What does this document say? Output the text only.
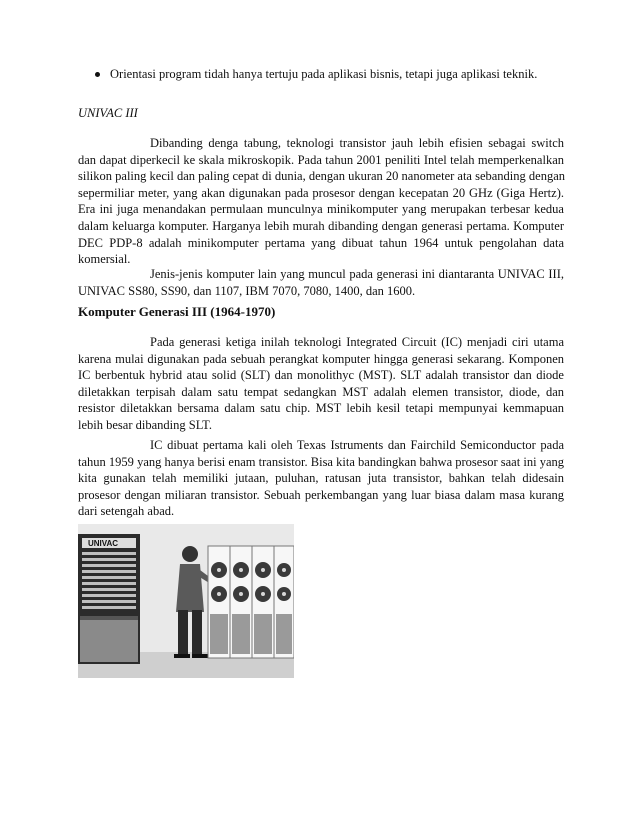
Orientasi program tidah hanya tertuju pada aplikasi bisnis, tetapi juga aplikasi teknik.
UNIVAC III
Dibanding denga tabung, teknologi transistor jauh lebih efisien sebagai switch
dan dapat diperkecil ke skala mikroskopik. Pada tahun 2001 peniliti Intel telah memperkenalkan
silikon paling kecil dan paling cepat di dunia, dengan ukuran 20 nanometer ata sebanding dengan
sepermiliar meter, yang akan digunakan pada prosesor dengan kecepatan 20 GHz (Giga Hertz).
Era ini juga menandakan permulaan munculnya minikomputer yang merupakan terbesar kedua
dalam keluarga komputer. Harganya lebih murah dibanding dengan generasi pertama. Komputer
DEC PDP-8 adalah minikomputer pertama yang dibuat tahun 1964 untuk pengolahan data
komersial.
Jenis-jenis komputer lain yang muncul pada generasi ini diantaranta UNIVAC III,
UNIVAC SS80, SS90, dan 1107, IBM 7070, 7080, 1400, dan 1600.
Komputer Generasi III (1964-1970)
Pada generasi ketiga inilah teknologi Integrated Circuit (IC) menjadi ciri utama
karena mulai digunakan pada sebuah perangkat komputer hingga generasi sekarang. Komponen
IC berbentuk hybrid atau solid (SLT) dan monolithyc (MST). SLT adalah transistor dan diode
diletakkan terpisah dalam satu tempat sedangkan MST adalah elemen transistor, diode, dan
resistor diletakkan bersama dalam satu chip. MST lebih kesil tetapi mempunyai kemmapuan
lebih besar dibanding SLT.
IC dibuat pertama kali oleh Texas Istruments dan Fairchild Semiconductor pada
tahun 1959 yang hanya berisi enam transistor. Bisa kita bandingkan bahwa prosesor saat ini yang
kita gunakan telah memiliki jutaan, puluhan, ratusan juta transistor, bahkan telah didesain
prosesor dengan miliaran transistor. Sebuah perkembangan yang luar biasa dalam masa kurang
dari setengah abad.
UNIVAC
